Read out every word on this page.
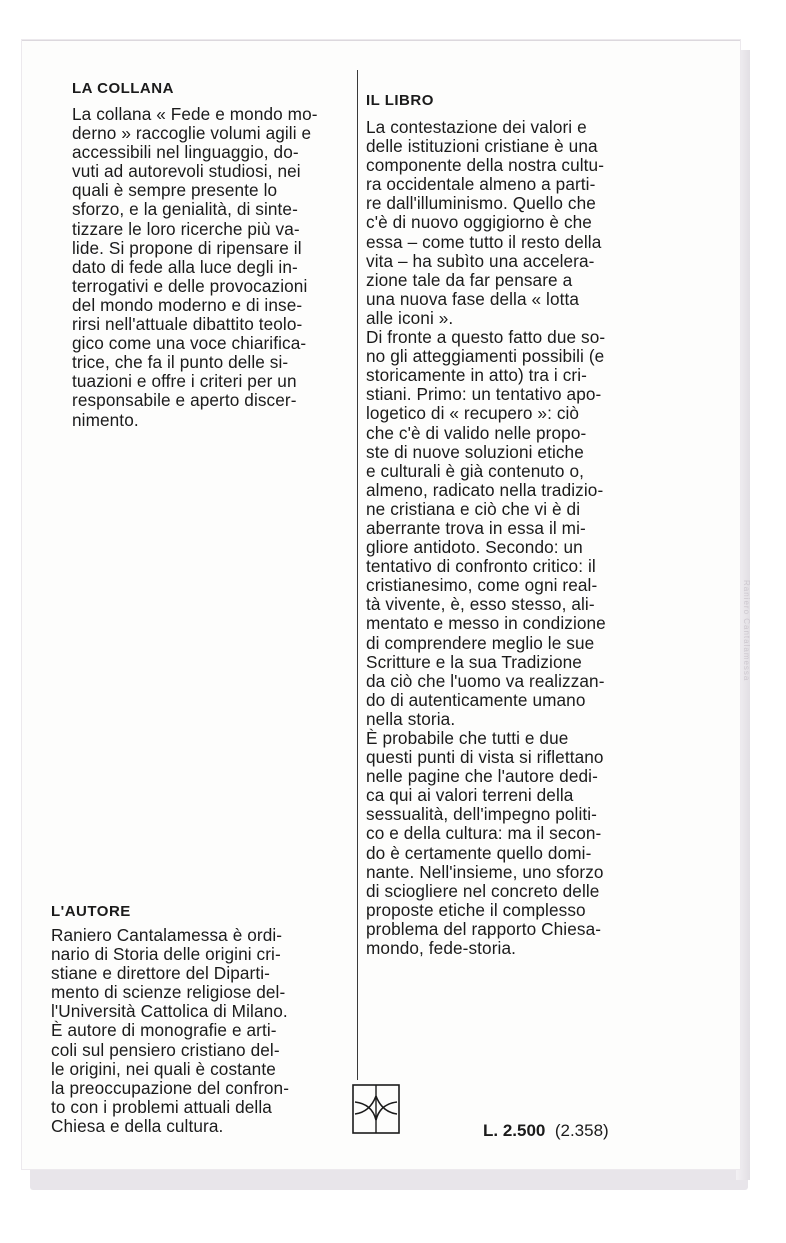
Raniero Cantalamessa
LA COLLANA

La collana « Fede e mondo mo-
derno » raccoglie volumi agili e
accessibili nel linguaggio, do-
vuti ad autorevoli studiosi, nei
quali è sempre presente lo
sforzo, e la genialità, di sinte-
tizzare le loro ricerche più va-
lide. Si propone di ripensare il
dato di fede alla luce degli in-
terrogativi e delle provocazioni
del mondo moderno e di inse-
rirsi nell'attuale dibattito teolo-
gico come una voce chiarifica-
trice, che fa il punto delle si-
tuazioni e offre i criteri per un
responsabile e aperto discer-
nimento.

IL LIBRO

La contestazione dei valori e
delle istituzioni cristiane è una
componente della nostra cultu-
ra occidentale almeno a parti-
re dall'illuminismo. Quello che
c'è di nuovo oggigiorno è che
essa – come tutto il resto della
vita – ha subìto una accelera-
zione tale da far pensare a
una nuova fase della « lotta
alle iconi ».
Di fronte a questo fatto due so-
no gli atteggiamenti possibili (e
storicamente in atto) tra i cri-
stiani. Primo: un tentativo apo-
logetico di « recupero »: ciò
che c'è di valido nelle propo-
ste di nuove soluzioni etiche
e culturali è già contenuto o,
almeno, radicato nella tradizio-
ne cristiana e ciò che vi è di
aberrante trova in essa il mi-
gliore antidoto. Secondo: un
tentativo di confronto critico: il
cristianesimo, come ogni real-
tà vivente, è, esso stesso, ali-
mentato e messo in condizione
di comprendere meglio le sue
Scritture e la sua Tradizione
da ciò che l'uomo va realizzan-
do di autenticamente umano
nella storia.
È probabile che tutti e due
questi punti di vista si riflettano
nelle pagine che l'autore dedi-
ca qui ai valori terreni della
sessualità, dell'impegno politi-
co e della cultura: ma il secon-
do è certamente quello domi-
nante. Nell'insieme, uno sforzo
di sciogliere nel concreto delle
proposte etiche il complesso
problema del rapporto Chiesa-
mondo, fede-storia.

L'AUTORE

Raniero Cantalamessa è ordi-
nario di Storia delle origini cri-
stiane e direttore del Diparti-
mento di scienze religiose del-
l'Università Cattolica di Milano.
È autore di monografie e arti-
coli sul pensiero cristiano del-
le origini, nei quali è costante
la preoccupazione del confron-
to con i problemi attuali della
Chiesa e della cultura.	L. 2.500 (2.358)
